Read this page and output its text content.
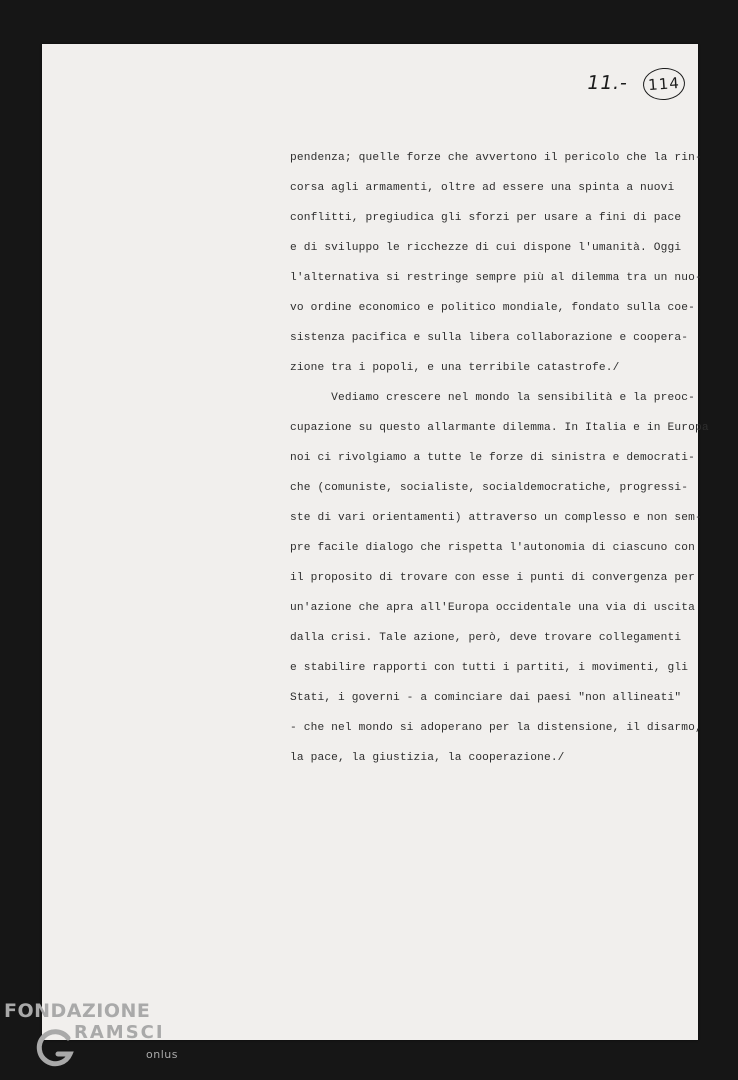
11.- 114
pendenza; quelle forze che avvertono il pericolo che la rin-
corsa agli armamenti, oltre ad essere una spinta a nuovi
conflitti, pregiudica gli sforzi per usare a fini di pace
e di sviluppo le ricchezze di cui dispone l'umanità. Oggi
l'alternativa si restringe sempre più al dilemma tra un nuo-
vo ordine economico e politico mondiale, fondato sulla coe-
sistenza pacifica e sulla libera collaborazione e coopera-
zione tra i popoli, e una terribile catastrofe./
Vediamo crescere nel mondo la sensibilità e la preoc-
cupazione su questo allarmante dilemma. In Italia e in Europa
noi ci rivolgiamo a tutte le forze di sinistra e democrati-
che (comuniste, socialiste, socialdemocratiche, progressi-
ste di vari orientamenti) attraverso un complesso e non sem-
pre facile dialogo che rispetta l'autonomia di ciascuno con
il proposito di trovare con esse i punti di convergenza per
un'azione che apra all'Europa occidentale una via di uscita
dalla crisi. Tale azione, però, deve trovare collegamenti
e stabilire rapporti con tutti i partiti, i movimenti, gli
Stati, i governi - a cominciare dai paesi "non allineati"
- che nel mondo si adoperano per la distensione, il disarmo,
la pace, la giustizia, la cooperazione./
FONDAZIONE
RAMSCI
onlus
